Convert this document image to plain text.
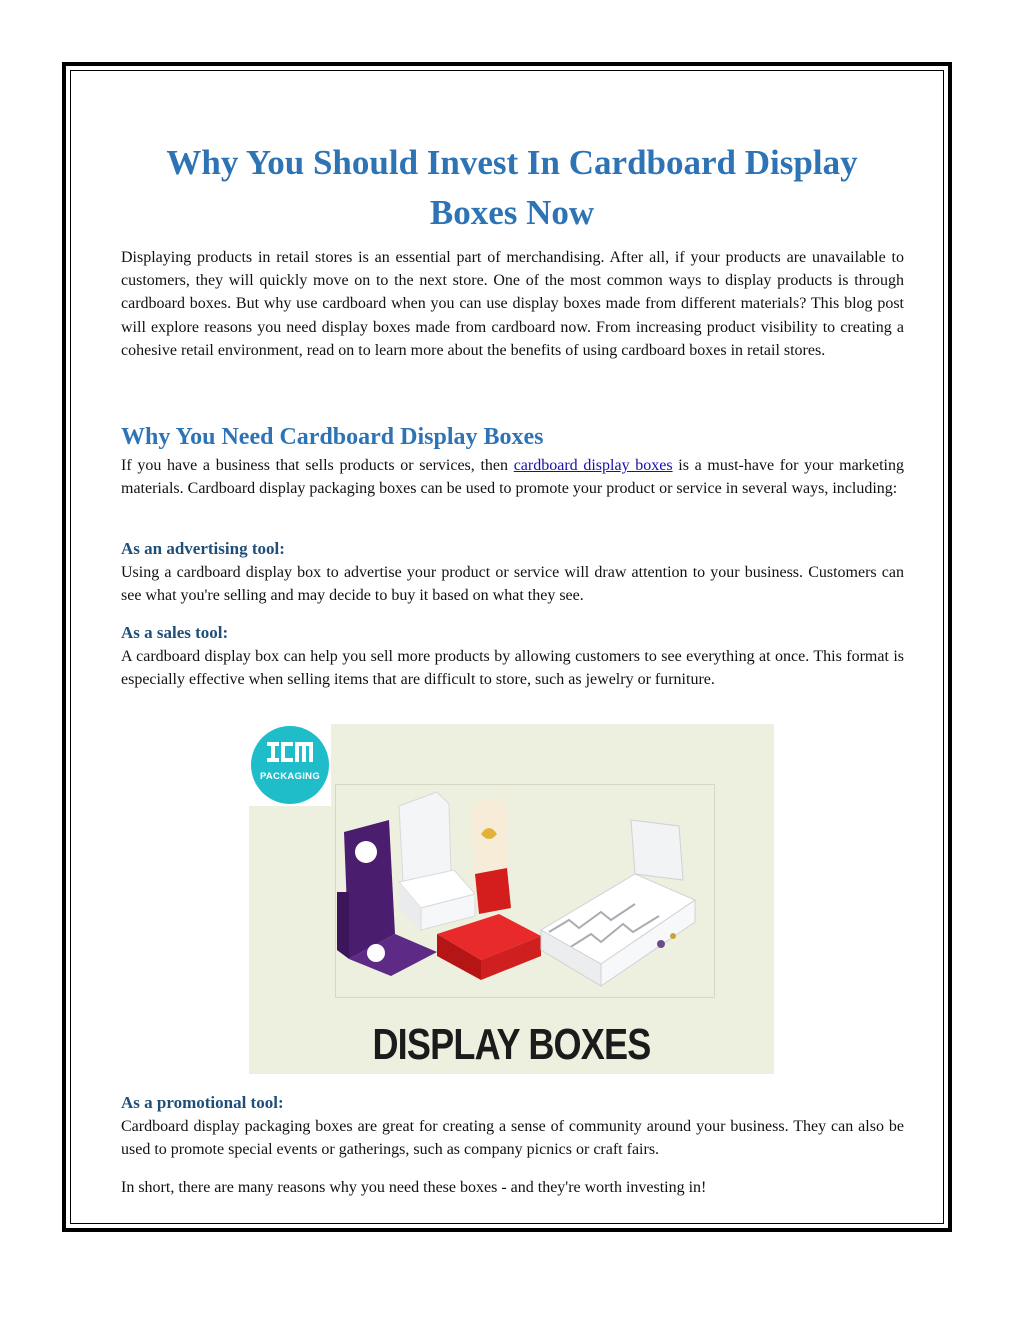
Why You Should Invest In Cardboard Display
Boxes Now

Displaying products in retail stores is an essential part of merchandising. After all, if your products are unavailable to customers, they will quickly move on to the next store. One of the most common ways to display products is through cardboard boxes. But why use cardboard when you can use display boxes made from different materials? This blog post will explore reasons you need display boxes made from cardboard now. From increasing product visibility to creating a cohesive retail environment, read on to learn more about the benefits of using cardboard boxes in retail stores.

Why You Need Cardboard Display Boxes

If you have a business that sells products or services, then cardboard display boxes is a must-have for your marketing materials. Cardboard display packaging boxes can be used to promote your product or service in several ways, including:

As an advertising tool:

Using a cardboard display box to advertise your product or service will draw attention to your business. Customers can see what you're selling and may decide to buy it based on what they see.

As a sales tool:

A cardboard display box can help you sell more products by allowing customers to see everything at once. This format is especially effective when selling items that are difficult to store, such as jewelry or furniture.

PACKAGING
DISPLAY BOXES
As a promotional tool:

Cardboard display packaging boxes are great for creating a sense of community around your business. They can also be used to promote special events or gatherings, such as company picnics or craft fairs.

In short, there are many reasons why you need these boxes - and they're worth investing in!
